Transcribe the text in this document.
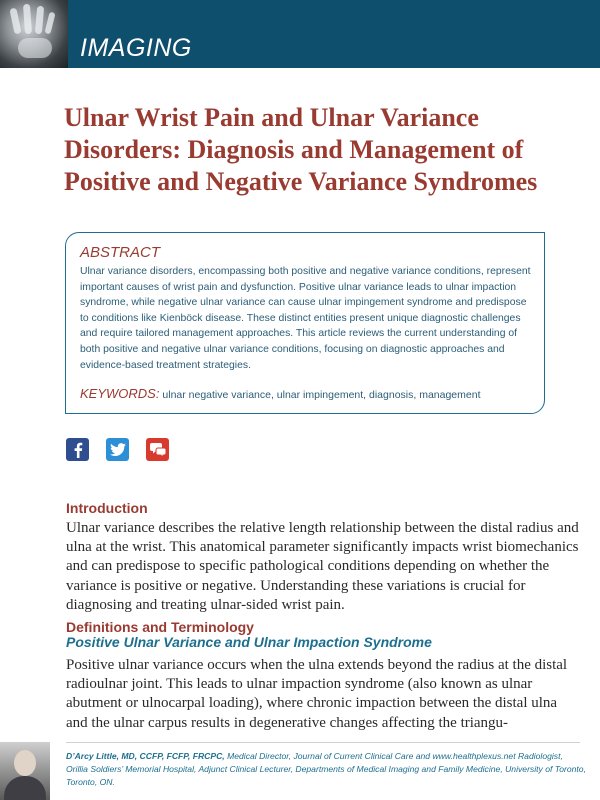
IMAGING
Ulnar Wrist Pain and Ulnar Variance Disorders: Diagnosis and Management of Positive and Negative Variance Syndromes
ABSTRACT

Ulnar variance disorders, encompassing both positive and negative variance conditions, represent important causes of wrist pain and dysfunction. Positive ulnar variance leads to ulnar impaction syndrome, while negative ulnar variance can cause ulnar impingement syndrome and predispose to conditions like Kienböck disease. These distinct entities present unique diagnostic challenges and require tailored management approaches. This article reviews the current understanding of both positive and negative ulnar variance conditions, focusing on diagnostic approaches and evidence-based treatment strategies.

KEYWORDS: ulnar negative variance, ulnar impingement, diagnosis, management
Introduction

Ulnar variance describes the relative length relationship between the distal radius and ulna at the wrist. This anatomical parameter significantly impacts wrist biomechanics and can predispose to specific pathological conditions depending on whether the variance is positive or negative. Understanding these variations is crucial for diagnosing and treating ulnar-sided wrist pain.

Definitions and Terminology
Positive Ulnar Variance and Ulnar Impaction Syndrome

Positive ulnar variance occurs when the ulna extends beyond the radius at the distal radioulnar joint. This leads to ulnar impaction syndrome (also known as ulnar abutment or ulnocarpal loading), where chronic impaction between the distal ulna and the ulnar carpus results in degenerative changes affecting the triangu-

D’Arcy Little, MD, CCFP, FCFP, FRCPC, Medical Director, Journal of Current Clinical Care and www.healthplexus.net Radiologist, Orillia Soldiers’ Memorial Hospital, Adjunct Clinical Lecturer, Departments of Medical Imaging and Family Medicine, University of Toronto, Toronto, ON.
